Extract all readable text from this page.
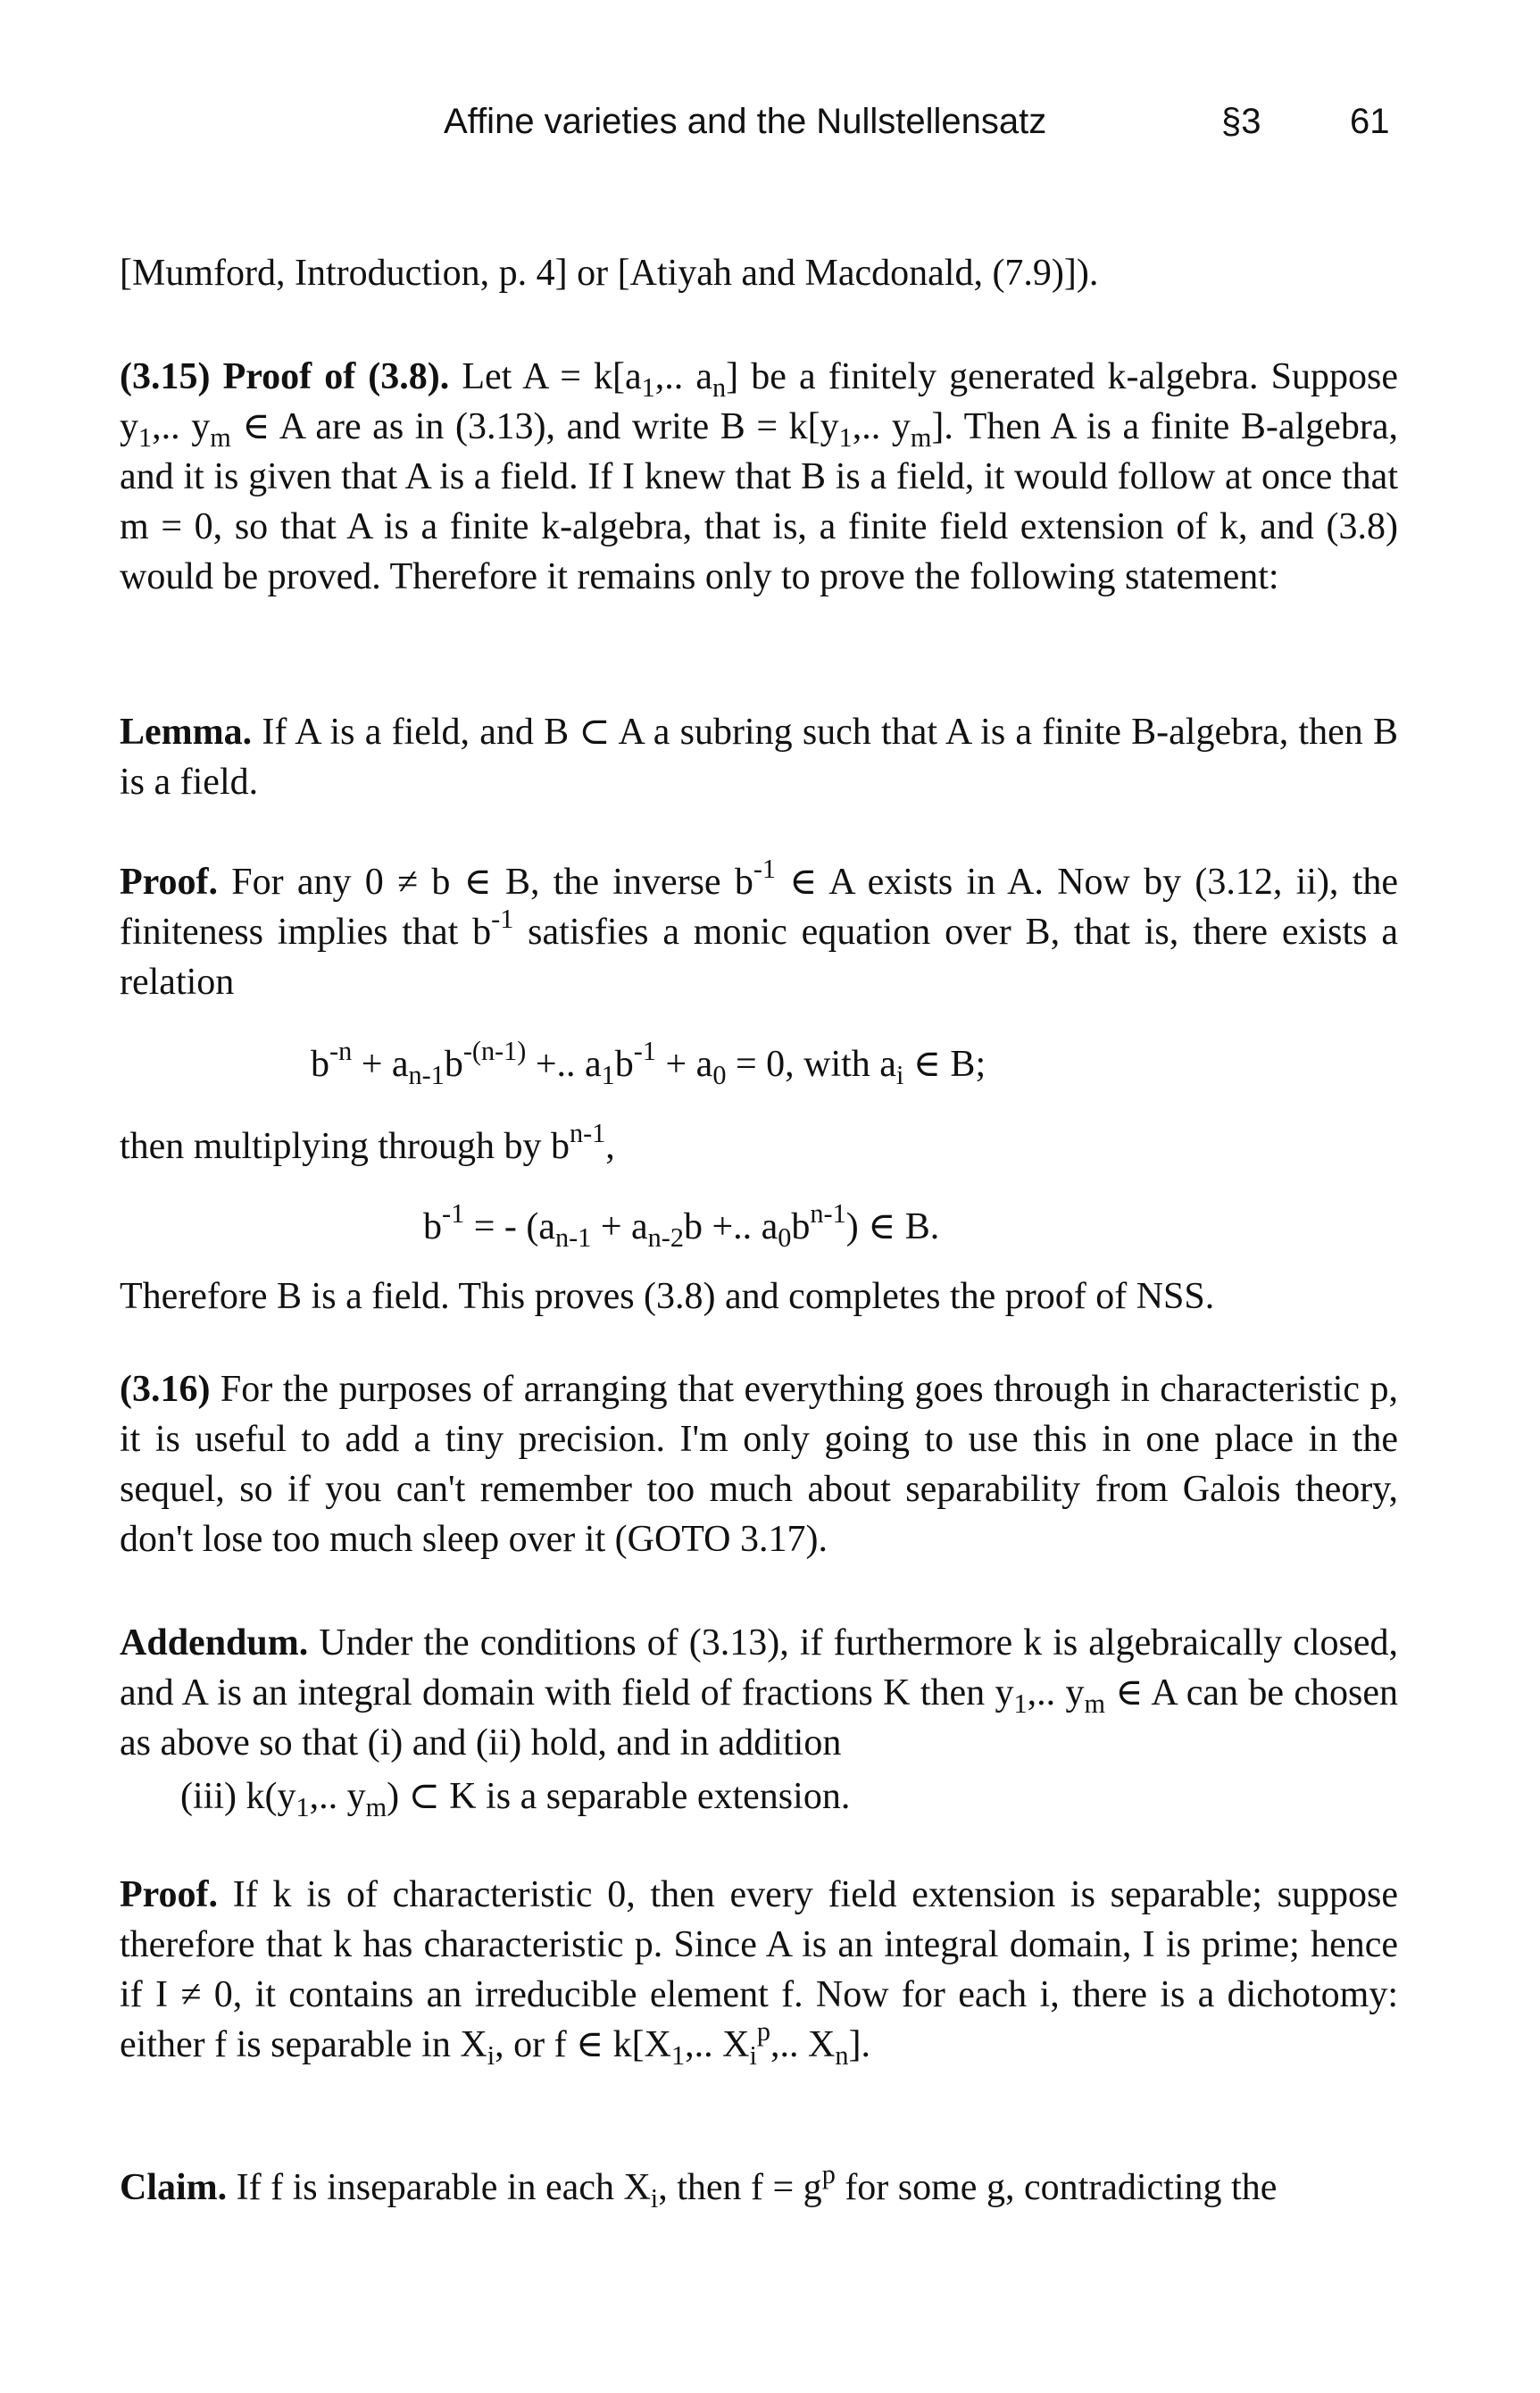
Affine varieties and the Nullstellensatz	§3 61

[Mumford, Introduction, p. 4] or [Atiyah and Macdonald, (7.9)]).

(3.15) Proof of (3.8). Let $A = k[a_1$,.. $a_n$] be a finitely generated k-algebra. Suppose $y_1$,.. $y_m$ ∈ A are as in (3.13), and write $B = k[y_1$,.. $y_m$]. Then A is a finite B-algebra, and it is given that A is a field. If I knew that B is a field, it would follow at once that m = 0, so that A is a finite k-algebra, that is, a finite field extension of k, and (3.8) would be proved. Therefore it remains only to prove the following statement:

Lemma. If A is a field, and B ⊂ A a subring such that A is a finite B-algebra, then B is a field.

Proof. For any 0 ≠ b ∈ B, the inverse $b^{-1}$ ∈ A exists in A. Now by (3.12, ii), the finiteness implies that $b^{-1}$ satisfies a monic equation over B, that is, there exists a relation

$b^{-n} + a_{n-1}b^{-(n-1)}$ +.. $a_1b^{-1} + a_0 = 0$, with $a_i$ ∈ B;
then multiplying through by $b^{n-1}$,
$b^{-1}$ = - ($a_{n-1} + a_{n-2}b$ +.. $a_0b^{n-1}$) ∈ B.

Therefore B is a field. This proves (3.8) and completes the proof of NSS.

(3.16) For the purposes of arranging that everything goes through in characteristic p, it is useful to add a tiny precision. I'm only going to use this in one place in the sequel, so if you can't remember too much about separability from Galois theory, don't lose too much sleep over it (GOTO 3.17).

Addendum. Under the conditions of (3.13), if furthermore k is algebraically closed, and A is an integral domain with field of fractions K then $y_1$,.. $y_m$ ∈ A can be chosen as above so that (i) and (ii) hold, and in addition

(iii) $k(y_1$,.. $y_m$) ⊂ K is a separable extension.

Proof. If k is of characteristic 0, then every field extension is separable; suppose therefore that k has characteristic p. Since A is an integral domain, I is prime; hence if I ≠ 0, it contains an irreducible element f. Now for each i, there is a dichotomy: either f is separable in $X_i$, or f ∈ $k[X_1$,.. $X_i^p$,.. $X_n$].

Claim. If f is inseparable in each $X_i$, then $f = g^p$ for some g, contradicting the
